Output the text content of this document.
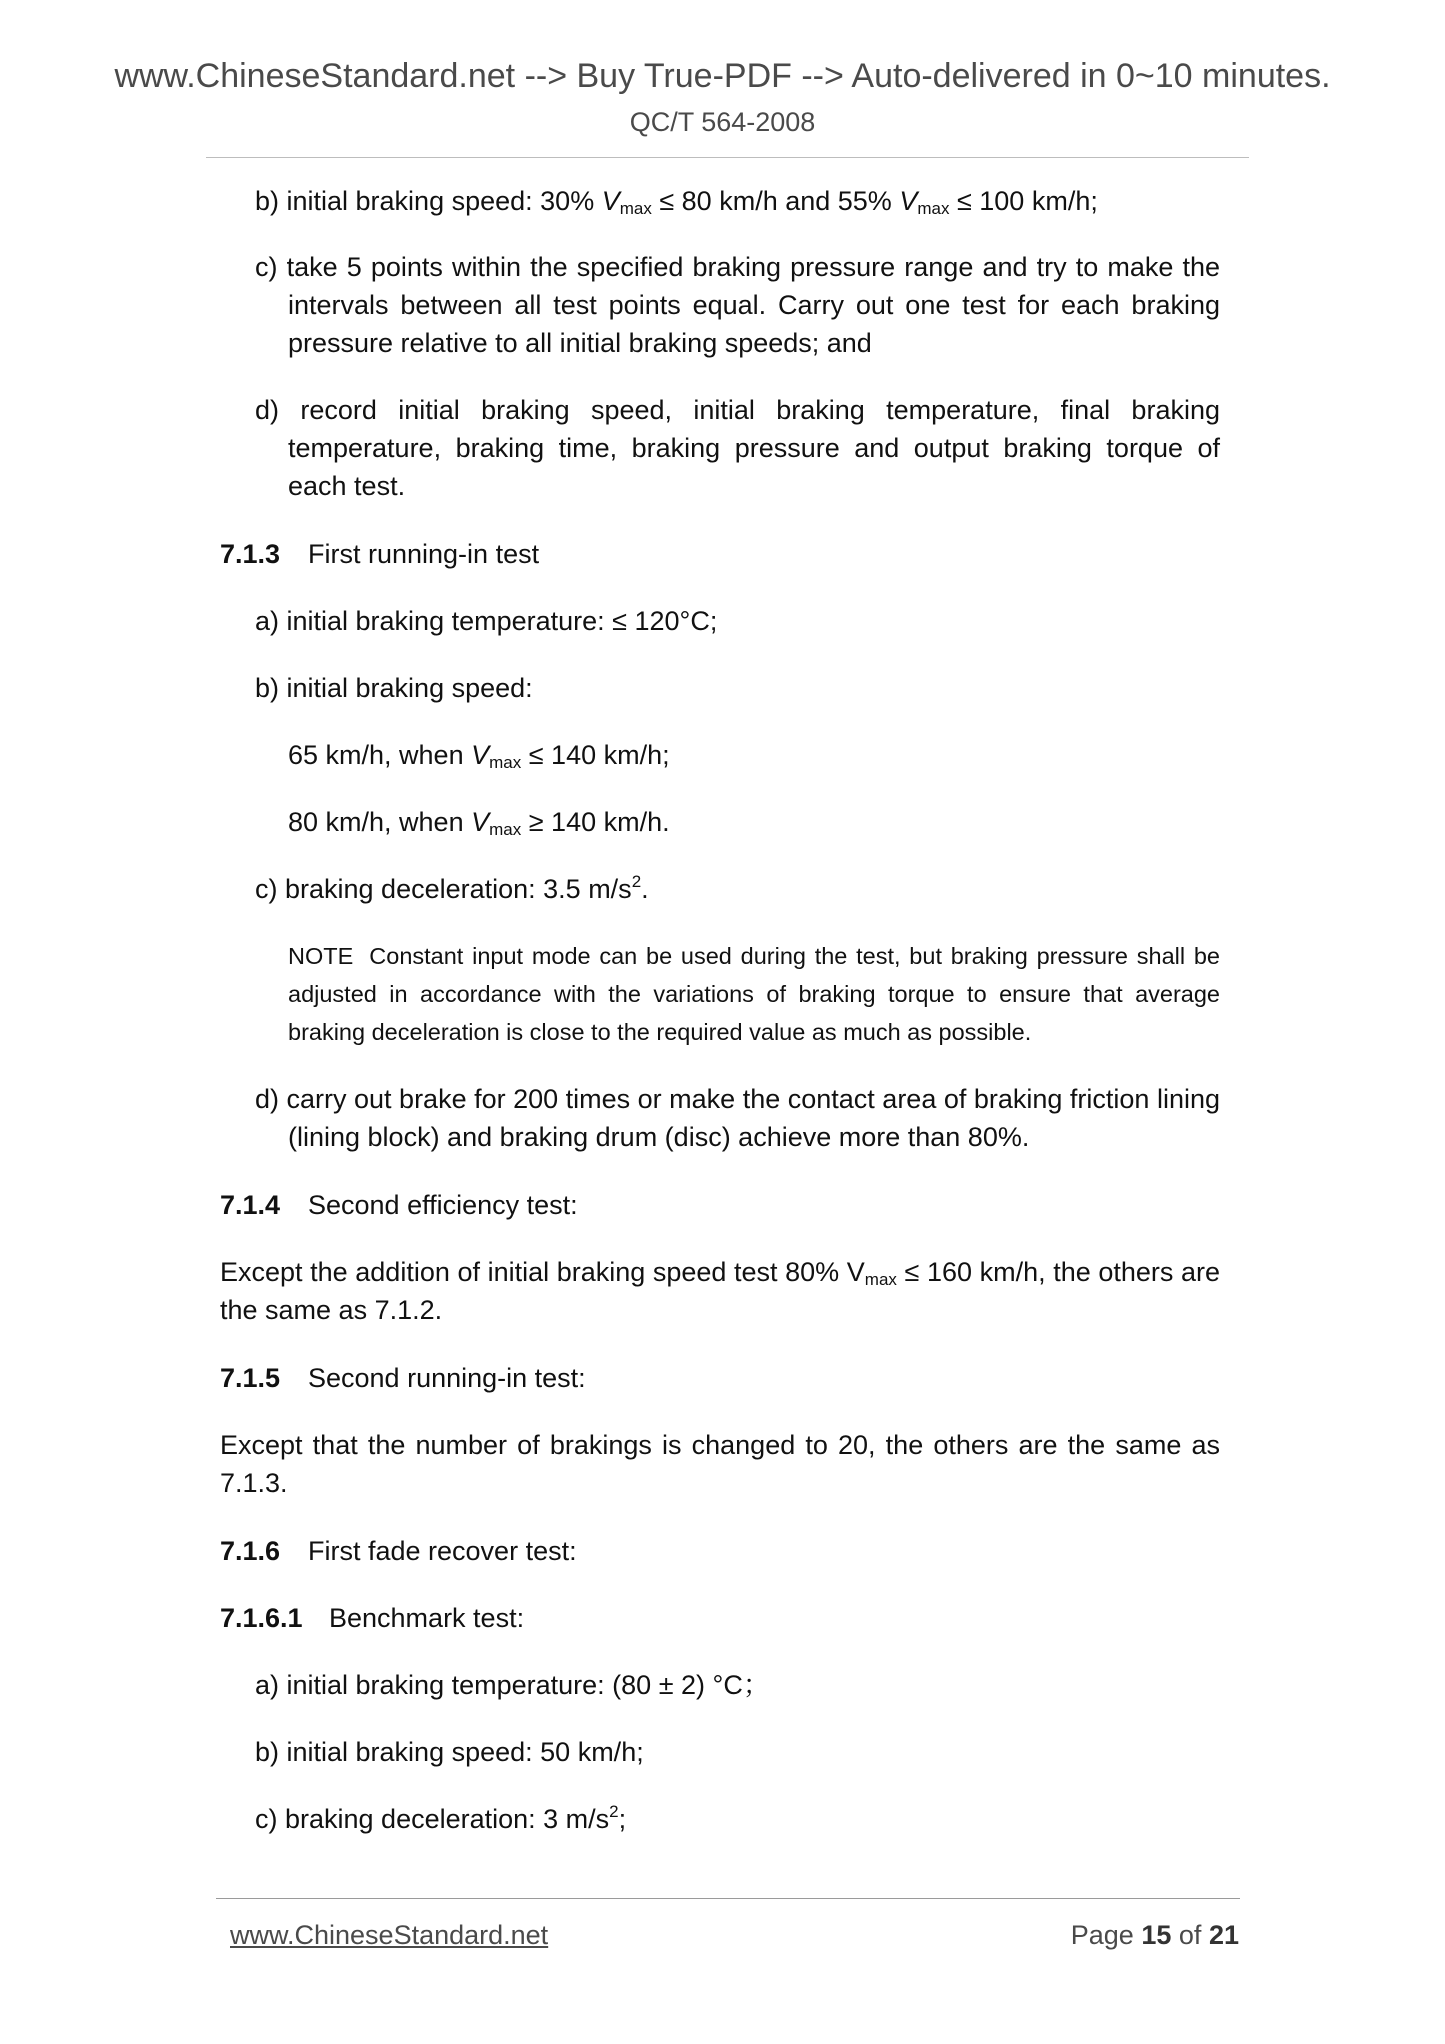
www.ChineseStandard.net --> Buy True-PDF --> Auto-delivered in 0~10 minutes.
QC/T 564-2008

b) initial braking speed: 30% $V_{max} \le 80$ km/h and 55% $V_{max} \le 100$ km/h;

c) take 5 points within the specified braking pressure range and try to make the intervals between all test points equal. Carry out one test for each braking pressure relative to all initial braking speeds; and

d) record initial braking speed, initial braking temperature, final braking temperature, braking time, braking pressure and output braking torque of each test.

7.1.3 First running-in test

a) initial braking temperature: ≤ 120°C;

b) initial braking speed:

65 km/h, when $V_{max} \le 140$ km/h;

80 km/h, when $V_{max} \ge 140$ km/h.

c) braking deceleration: 3.5 $m/s^2$.

NOTE Constant input mode can be used during the test, but braking pressure shall be adjusted in accordance with the variations of braking torque to ensure that average braking deceleration is close to the required value as much as possible.

d) carry out brake for 200 times or make the contact area of braking friction lining (lining block) and braking drum (disc) achieve more than 80%.

7.1.4 Second efficiency test:

Except the addition of initial braking speed test 80% $V_{max} \le 160$ km/h, the others are the same as 7.1.2.

7.1.5 Second running-in test:

Except that the number of brakings is changed to 20, the others are the same as 7.1.3.

7.1.6 First fade recover test:

7.1.6.1 Benchmark test:

a) initial braking temperature: (80 ± 2) °C；

b) initial braking speed: 50 km/h;

c) braking deceleration: 3 $m/s^2$;

www.ChineseStandard.net	Page 15 of 21
